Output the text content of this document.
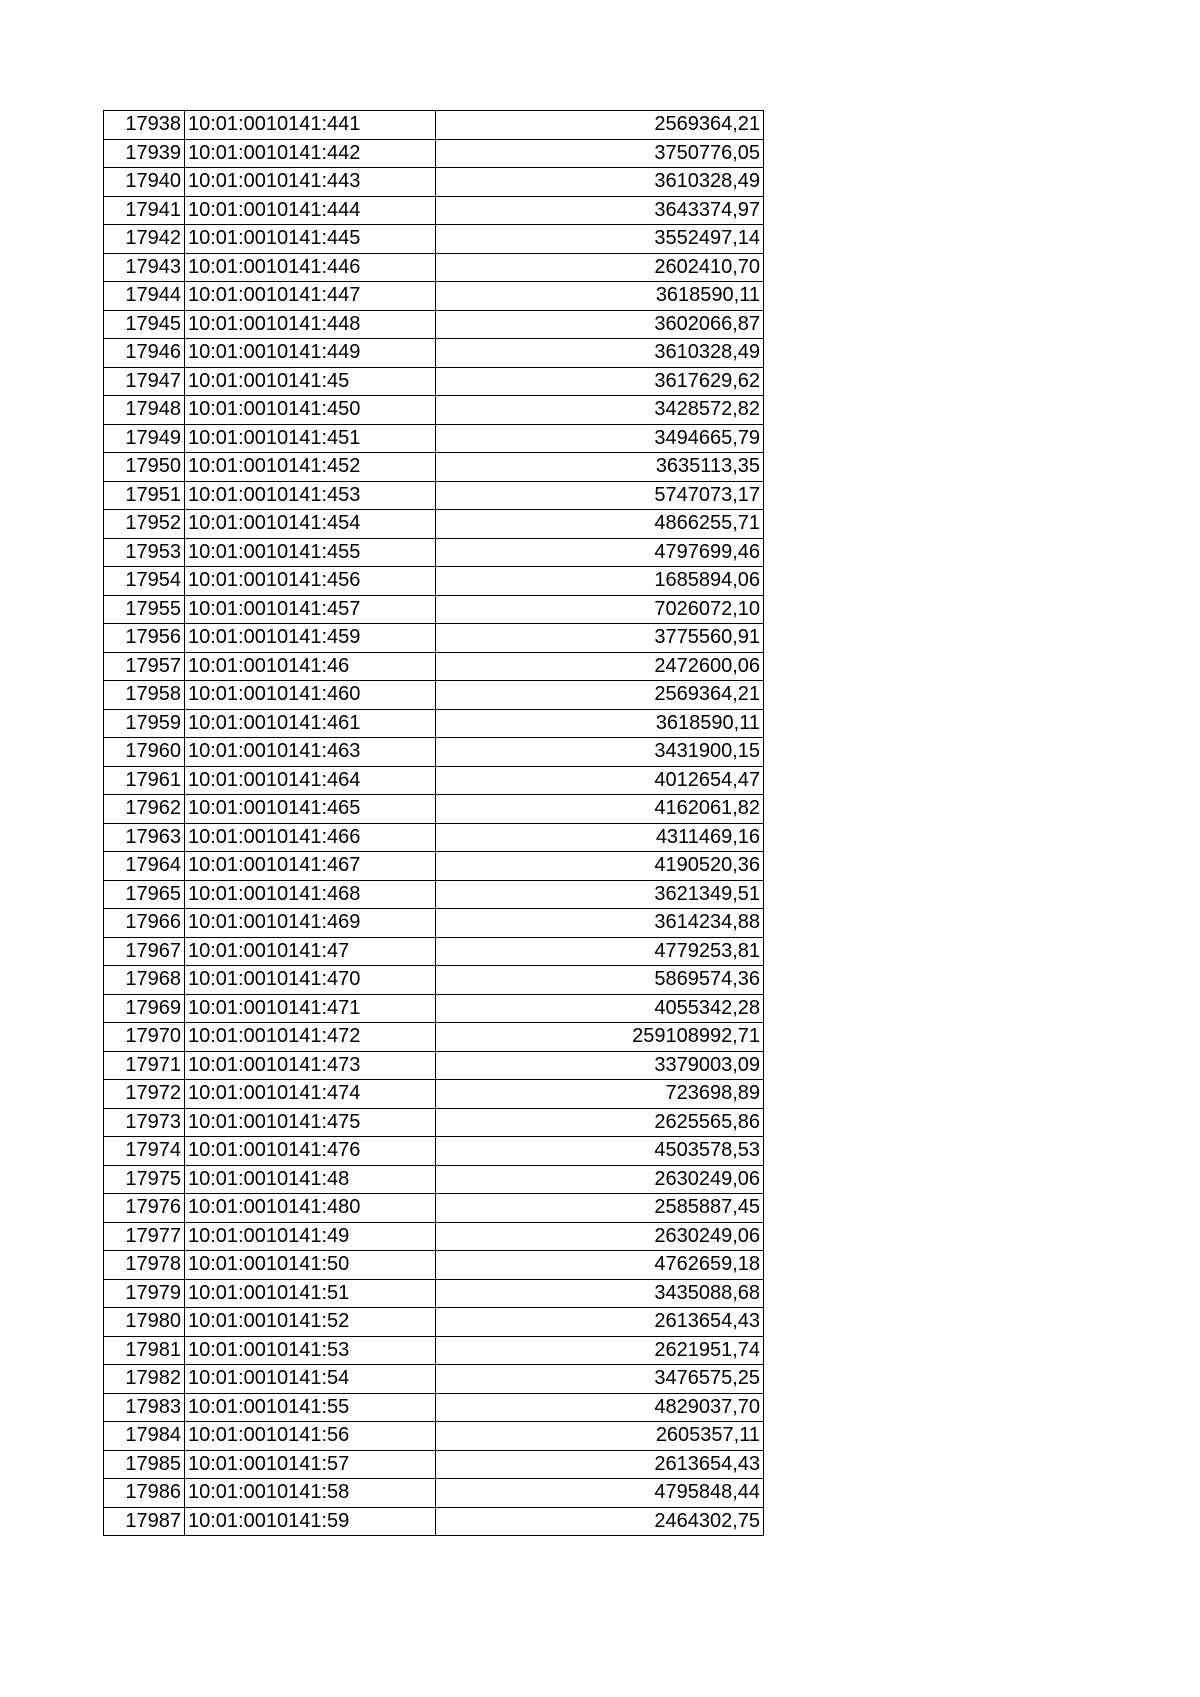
17938	10:01:0010141:441	2569364,21
17939	10:01:0010141:442	3750776,05
17940	10:01:0010141:443	3610328,49
17941	10:01:0010141:444	3643374,97
17942	10:01:0010141:445	3552497,14
17943	10:01:0010141:446	2602410,70
17944	10:01:0010141:447	3618590,11
17945	10:01:0010141:448	3602066,87
17946	10:01:0010141:449	3610328,49
17947	10:01:0010141:45	3617629,62
17948	10:01:0010141:450	3428572,82
17949	10:01:0010141:451	3494665,79
17950	10:01:0010141:452	3635113,35
17951	10:01:0010141:453	5747073,17
17952	10:01:0010141:454	4866255,71
17953	10:01:0010141:455	4797699,46
17954	10:01:0010141:456	1685894,06
17955	10:01:0010141:457	7026072,10
17956	10:01:0010141:459	3775560,91
17957	10:01:0010141:46	2472600,06
17958	10:01:0010141:460	2569364,21
17959	10:01:0010141:461	3618590,11
17960	10:01:0010141:463	3431900,15
17961	10:01:0010141:464	4012654,47
17962	10:01:0010141:465	4162061,82
17963	10:01:0010141:466	4311469,16
17964	10:01:0010141:467	4190520,36
17965	10:01:0010141:468	3621349,51
17966	10:01:0010141:469	3614234,88
17967	10:01:0010141:47	4779253,81
17968	10:01:0010141:470	5869574,36
17969	10:01:0010141:471	4055342,28
17970	10:01:0010141:472	259108992,71
17971	10:01:0010141:473	3379003,09
17972	10:01:0010141:474	723698,89
17973	10:01:0010141:475	2625565,86
17974	10:01:0010141:476	4503578,53
17975	10:01:0010141:48	2630249,06
17976	10:01:0010141:480	2585887,45
17977	10:01:0010141:49	2630249,06
17978	10:01:0010141:50	4762659,18
17979	10:01:0010141:51	3435088,68
17980	10:01:0010141:52	2613654,43
17981	10:01:0010141:53	2621951,74
17982	10:01:0010141:54	3476575,25
17983	10:01:0010141:55	4829037,70
17984	10:01:0010141:56	2605357,11
17985	10:01:0010141:57	2613654,43
17986	10:01:0010141:58	4795848,44
17987	10:01:0010141:59	2464302,75
